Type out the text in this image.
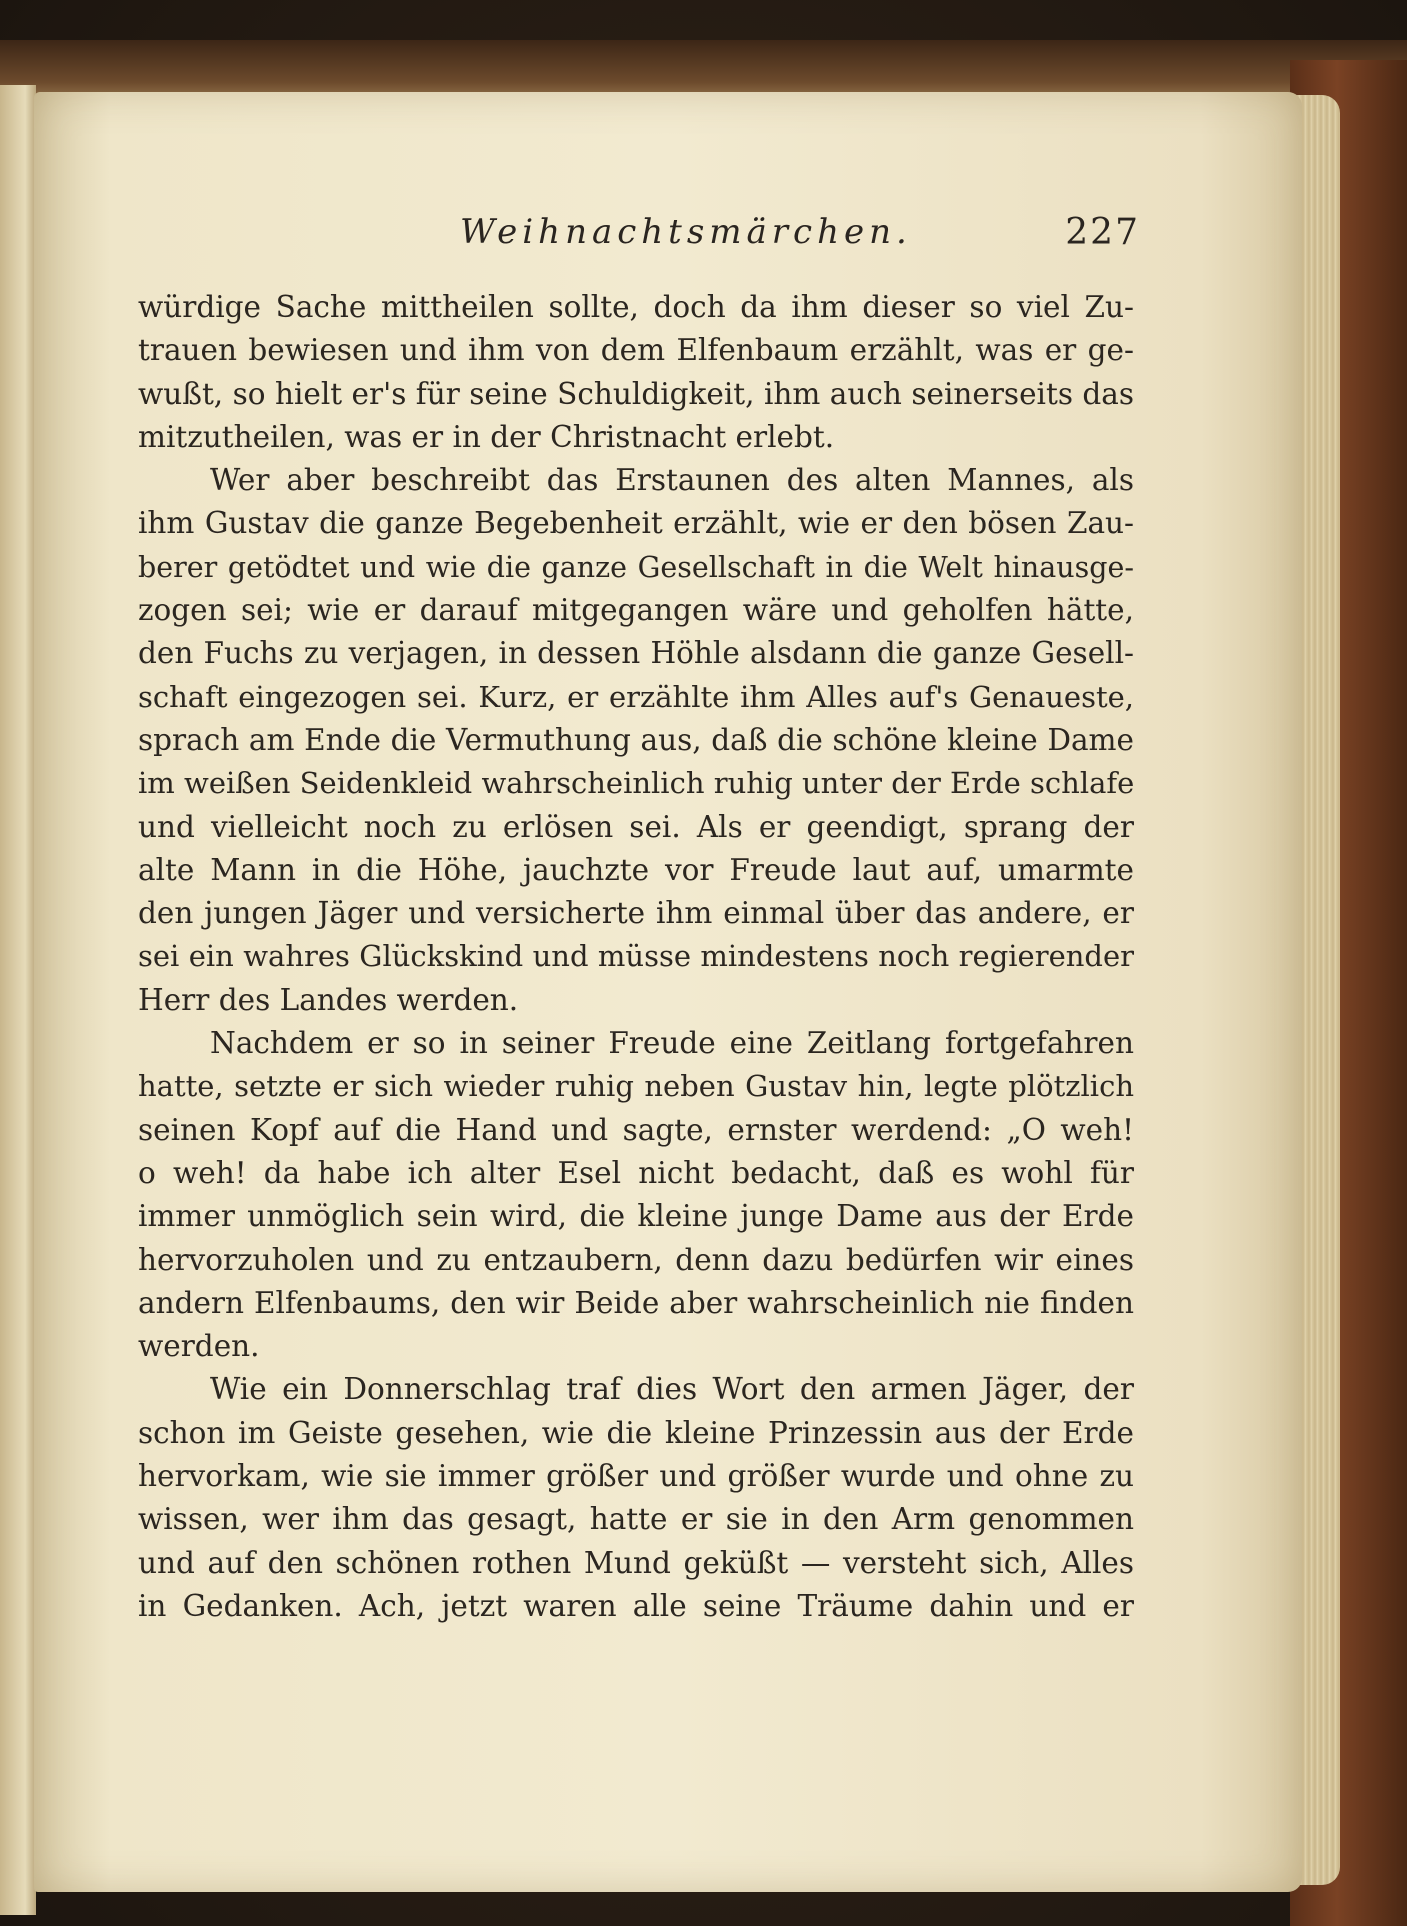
Weihnachtsmärchen.	227
würdige Sache mittheilen sollte, doch da ihm dieser so viel Zu-
trauen bewiesen und ihm von dem Elfenbaum erzählt, was er ge-
wußt, so hielt er's für seine Schuldigkeit, ihm auch seinerseits das
mitzutheilen, was er in der Christnacht erlebt.
Wer aber beschreibt das Erstaunen des alten Mannes, als
ihm Gustav die ganze Begebenheit erzählt, wie er den bösen Zau-
berer getödtet und wie die ganze Gesellschaft in die Welt hinausge-
zogen sei; wie er darauf mitgegangen wäre und geholfen hätte,
den Fuchs zu verjagen, in dessen Höhle alsdann die ganze Gesell-
schaft eingezogen sei. Kurz, er erzählte ihm Alles auf's Genaueste,
sprach am Ende die Vermuthung aus, daß die schöne kleine Dame
im weißen Seidenkleid wahrscheinlich ruhig unter der Erde schlafe
und vielleicht noch zu erlösen sei. Als er geendigt, sprang der
alte Mann in die Höhe, jauchzte vor Freude laut auf, umarmte
den jungen Jäger und versicherte ihm einmal über das andere, er
sei ein wahres Glückskind und müsse mindestens noch regierender
Herr des Landes werden.
Nachdem er so in seiner Freude eine Zeitlang fortgefahren
hatte, setzte er sich wieder ruhig neben Gustav hin, legte plötzlich
seinen Kopf auf die Hand und sagte, ernster werdend: „O weh!
o weh! da habe ich alter Esel nicht bedacht, daß es wohl für
immer unmöglich sein wird, die kleine junge Dame aus der Erde
hervorzuholen und zu entzaubern, denn dazu bedürfen wir eines
andern Elfenbaums, den wir Beide aber wahrscheinlich nie finden
werden.
Wie ein Donnerschlag traf dies Wort den armen Jäger, der
schon im Geiste gesehen, wie die kleine Prinzessin aus der Erde
hervorkam, wie sie immer größer und größer wurde und ohne zu
wissen, wer ihm das gesagt, hatte er sie in den Arm genommen
und auf den schönen rothen Mund geküßt — versteht sich, Alles
in Gedanken. Ach, jetzt waren alle seine Träume dahin und er
